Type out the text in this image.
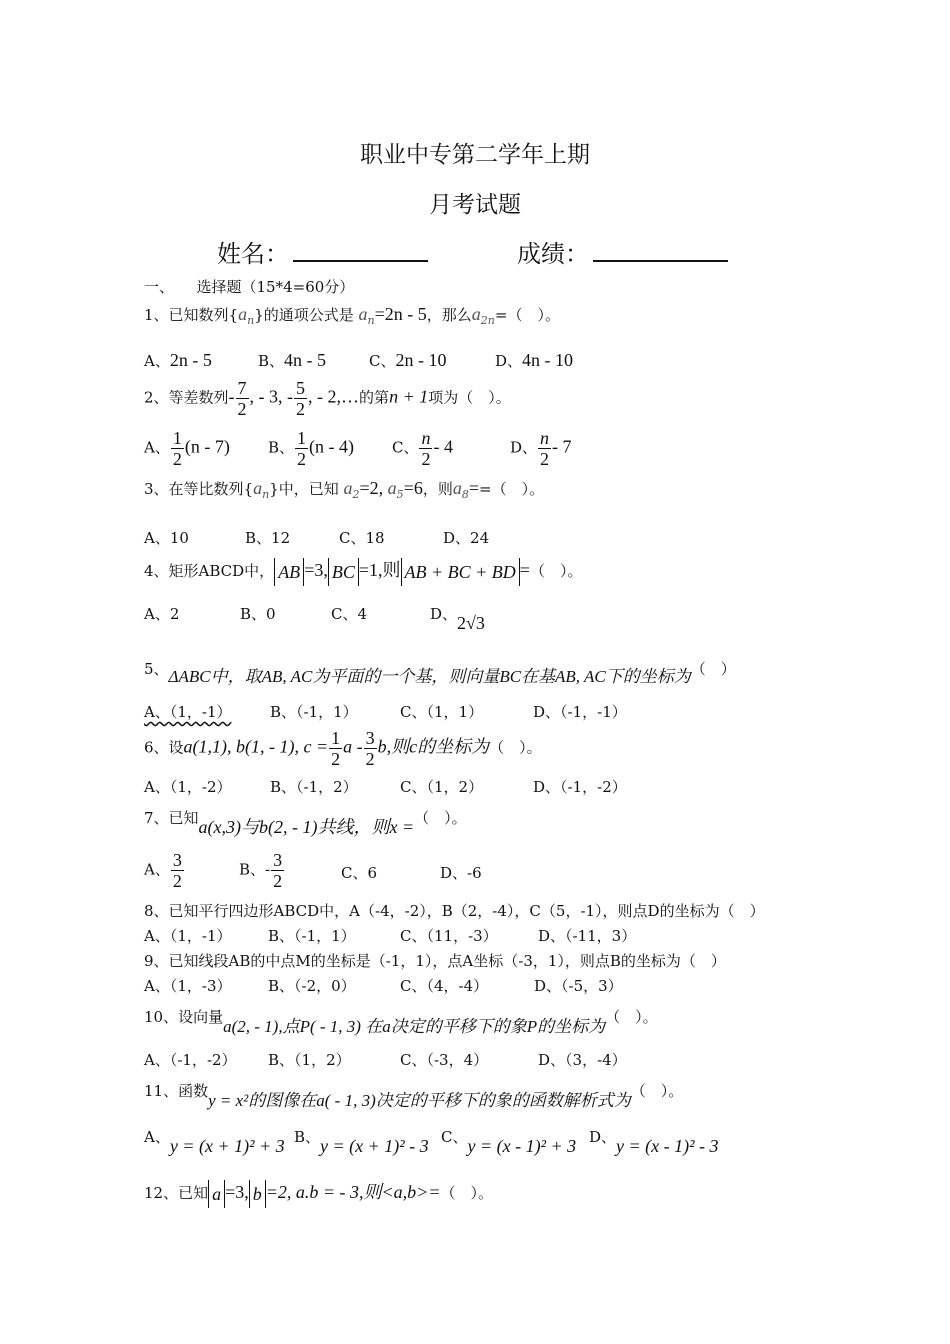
职业中专第二学年上期
月考试题
姓名：	成绩：
一、　　选择题（15*4=60分）
1、已知数列$\{a_n\}$的通项公式是 $a_n=2n - 5$，那么$a_{2n}=$（　）。
A、2n - 5	B、4n - 5	C、2n - 10	D、4n - 10
2、等差数列- $\frac{7}{2}$ , - 3, - $\frac{5}{2}$ , - 2,…的第n + 1项为（　）。
A、 $\frac{1}{2} (n - 7)$	B、 $\frac{1}{2} (n - 4)$	C、 $\frac{n}{2} - 4$	D、 $\frac{n}{2} - 7$
3、在等比数列$\{a_n\}$中，已知 $a_2=2$, $a_5=6$，则$a_8==$（　）。
A、10	B、12	C、18	D、24
4、矩形ABCD中， AB =3, BC =1,则 AB + BC + BD =（　）。
A、2	B、0	C、4	D、2√3
5、ΔABC中，取AB, AC为平面的一个基，则向量BC在基AB, AC下的坐标为（　）
A、（1，-1）	B、（-1，1）	C、（1，1）	D、（-1，-1）
6、设a(1,1), b(1, - 1), $c = \frac{1}{2}$ a - $\frac{3}{2} b$,则c的坐标为（　）。
A、（1，-2）	B、（-1，2）	C、（1，2）	D、（-1，-2）
7、已知a(x,3)与b(2, - 1)共线，则x =（　）。
A、 $\frac{3}{2}$	B、- $\frac{3}{2}$	C、6	D、-6
8、已知平行四边形ABCD中，A（-4，-2），B（2，-4），C（5，-1），则点D的坐标为（　）
A、（1，-1） B、（-1，1）	C、（11，-3）	D、（-11，3）
9、已知线段AB的中点M的坐标是（-1，1），点A坐标（-3，1），则点B的坐标为（　）
A、（1，-3） B、（-2，0）	C、（4，-4）	D、（-5，3）
10、设向量a(2, - 1),点P( - 1, 3) 在a决定的平移下的象P的坐标为（　）。
A、（-1，-2） B、（1，2）	C、（-3，4）	D、（3，-4）
11、函数y = x²的图像在a( - 1, 3)决定的平移下的象的函数解析式为（　）。
A、y = (x + 1)² + 3 B、y = (x + 1)² - 3 C、y = (x - 1)² + 3 D、y = (x - 1)² - 3
12、已知 a =3, b =2, a.b = - 3,则<a,b>=（　）。
